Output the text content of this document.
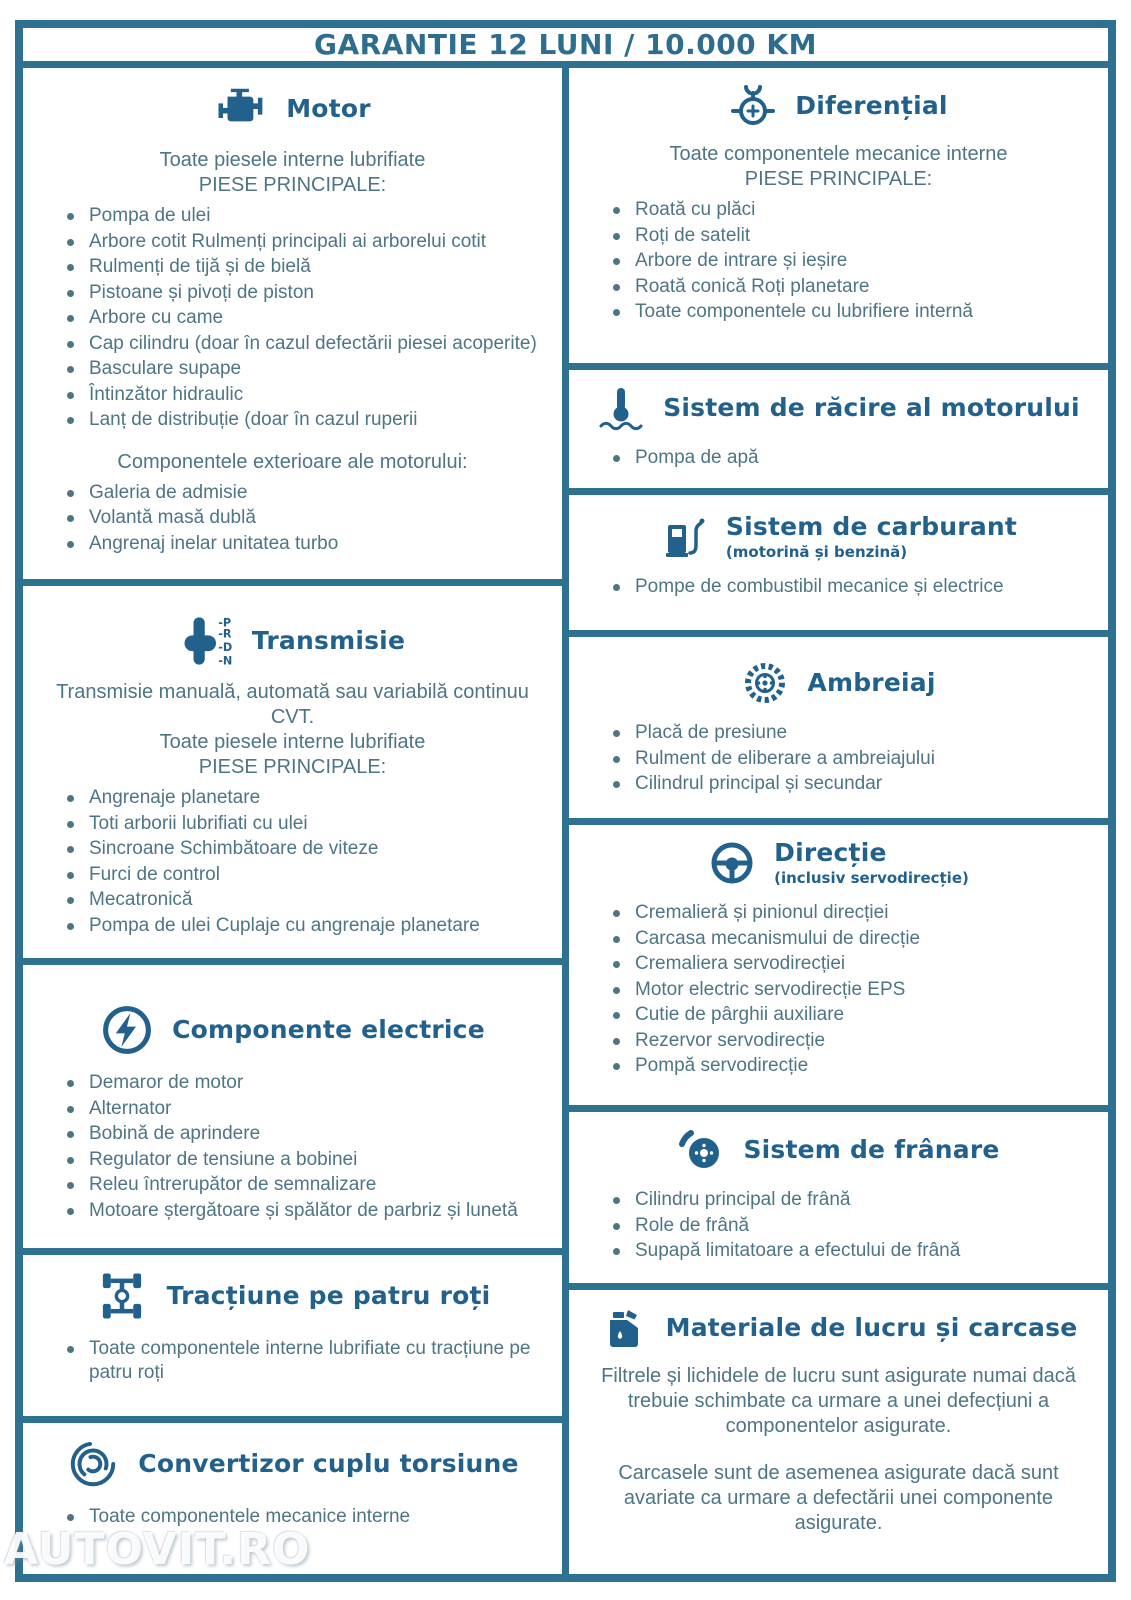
GARANTIE 12 LUNI / 10.000 KM
Motor
Toate piesele interne lubrifiate
PIESE PRINCIPALE:
Pompa de ulei
Arbore cotit Rulmenți principali ai arborelui cotit
Rulmenți de tijă și de bielă
Pistoane și pivoți de piston
Arbore cu came
Cap cilindru (doar în cazul defectării piesei acoperite)
Basculare supape
Întinzător hidraulic
Lanț de distribuție (doar în cazul ruperii
Componentele exterioare ale motorului:
Galeria de admisie
Volantă masă dublă
Angrenaj inelar unitatea turbo
-P
-R
-D
-N
Transmisie
Transmisie manuală, automată sau variabilă continuu CVT.
Toate piesele interne lubrifiate
PIESE PRINCIPALE:
Angrenaje planetare
Toti arborii lubrifiati cu ulei
Sincroane Schimbătoare de viteze
Furci de control
Mecatronică
Pompa de ulei Cuplaje cu angrenaje planetare
Componente electrice
Demaror de motor
Alternator
Bobină de aprindere
Regulator de tensiune a bobinei
Releu întrerupător de semnalizare
Motoare ștergătoare și spălător de parbriz și lunetă
Tracțiune pe patru roți
Toate componentele interne lubrifiate cu tracțiune pe patru roți
Convertizor cuplu torsiune
Toate componentele mecanice interne
Diferențial
Toate componentele mecanice interne
PIESE PRINCIPALE:
Roată cu plăci
Roți de satelit
Arbore de intrare și ieșire
Roată conică Roți planetare
Toate componentele cu lubrifiere internă
Sistem de răcire al motorului
Pompa de apă
Sistem de carburant
(motorină și benzină)
Pompe de combustibil mecanice și electrice
Ambreiaj
Placă de presiune
Rulment de eliberare a ambreiajului
Cilindrul principal și secundar
Direcție
(inclusiv servodirecție)
Cremalieră și pinionul direcției
Carcasa mecanismului de direcție
Cremaliera servodirecției
Motor electric servodirecție EPS
Cutie de pârghii auxiliare
Rezervor servodirecție
Pompă servodirecție
Sistem de frânare
Cilindru principal de frână
Role de frână
Supapă limitatoare a efectului de frână
Materiale de lucru și carcase
Filtrele și lichidele de lucru sunt asigurate numai dacă trebuie schimbate ca urmare a unei defecțiuni a componentelor asigurate.
Carcasele sunt de asemenea asigurate dacă sunt avariate ca urmare a defectării unei componente asigurate.
AUTOVIT.RO
